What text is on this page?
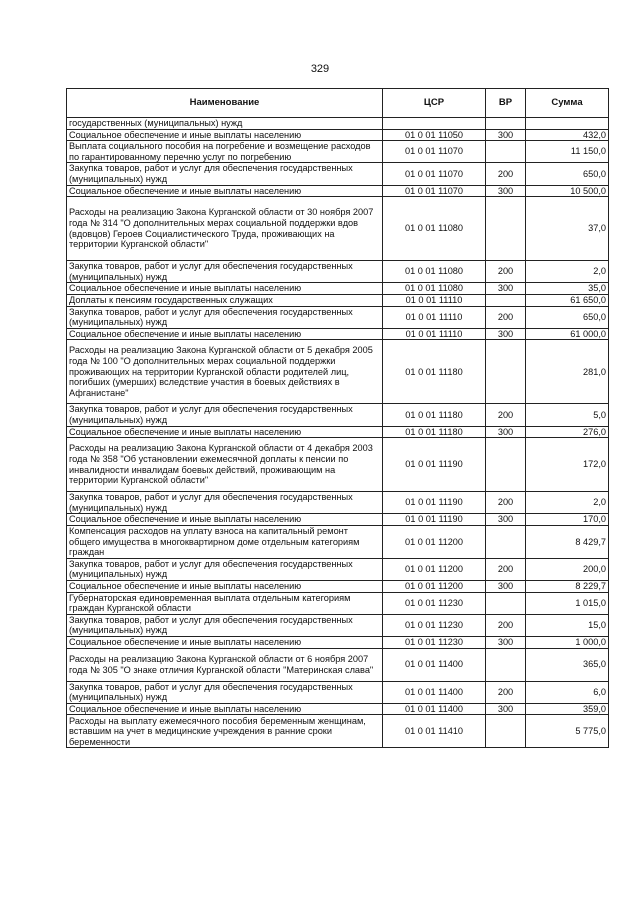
329
Наименование	ЦСР	ВР	Сумма
государственных (муниципальных) нужд			
Социальное обеспечение и иные выплаты населению	01 0 01 11050	300	432,0
Выплата социального пособия на погребение и возмещение расходов по гарантированному перечню услуг по погребению	01 0 01 11070		11 150,0
Закупка товаров, работ и услуг для обеспечения государственных (муниципальных) нужд	01 0 01 11070	200	650,0
Социальное обеспечение и иные выплаты населению	01 0 01 11070	300	10 500,0
Расходы на реализацию Закона Курганской области от 30 ноября 2007 года № 314 "О дополнительных мерах социальной поддержки вдов (вдовцов) Героев Социалистического Труда, проживающих на территории Курганской области"	01 0 01 11080		37,0
Закупка товаров, работ и услуг для обеспечения государственных (муниципальных) нужд	01 0 01 11080	200	2,0
Социальное обеспечение и иные выплаты населению	01 0 01 11080	300	35,0
Доплаты к пенсиям государственных служащих	01 0 01 11110		61 650,0
Закупка товаров, работ и услуг для обеспечения государственных (муниципальных) нужд	01 0 01 11110	200	650,0
Социальное обеспечение и иные выплаты населению	01 0 01 11110	300	61 000,0
Расходы на реализацию Закона Курганской области от 5 декабря 2005 года № 100 "О дополнительных мерах социальной поддержки проживающих на территории Курганской области родителей лиц, погибших (умерших) вследствие участия в боевых действиях в Афганистане"	01 0 01 11180		281,0
Закупка товаров, работ и услуг для обеспечения государственных (муниципальных) нужд	01 0 01 11180	200	5,0
Социальное обеспечение и иные выплаты населению	01 0 01 11180	300	276,0
Расходы на реализацию Закона Курганской области от 4 декабря 2003 года № 358 "Об установлении ежемесячной доплаты к пенсии по инвалидности инвалидам боевых действий, проживающим на территории Курганской области"	01 0 01 11190		172,0
Закупка товаров, работ и услуг для обеспечения государственных (муниципальных) нужд	01 0 01 11190	200	2,0
Социальное обеспечение и иные выплаты населению	01 0 01 11190	300	170,0
Компенсация расходов на уплату взноса на капитальный ремонт общего имущества в многоквартирном доме отдельным категориям граждан	01 0 01 11200		8 429,7
Закупка товаров, работ и услуг для обеспечения государственных (муниципальных) нужд	01 0 01 11200	200	200,0
Социальное обеспечение и иные выплаты населению	01 0 01 11200	300	8 229,7
Губернаторская единовременная выплата отдельным категориям граждан Курганской области	01 0 01 11230		1 015,0
Закупка товаров, работ и услуг для обеспечения государственных (муниципальных) нужд	01 0 01 11230	200	15,0
Социальное обеспечение и иные выплаты населению	01 0 01 11230	300	1 000,0
Расходы на реализацию Закона Курганской области от 6 ноября 2007 года № 305 "О знаке отличия Курганской области "Материнская слава"	01 0 01 11400		365,0
Закупка товаров, работ и услуг для обеспечения государственных (муниципальных) нужд	01 0 01 11400	200	6,0
Социальное обеспечение и иные выплаты населению	01 0 01 11400	300	359,0
Расходы на выплату ежемесячного пособия беременным женщинам, вставшим на учет в медицинские учреждения в ранние сроки беременности	01 0 01 11410		5 775,0
